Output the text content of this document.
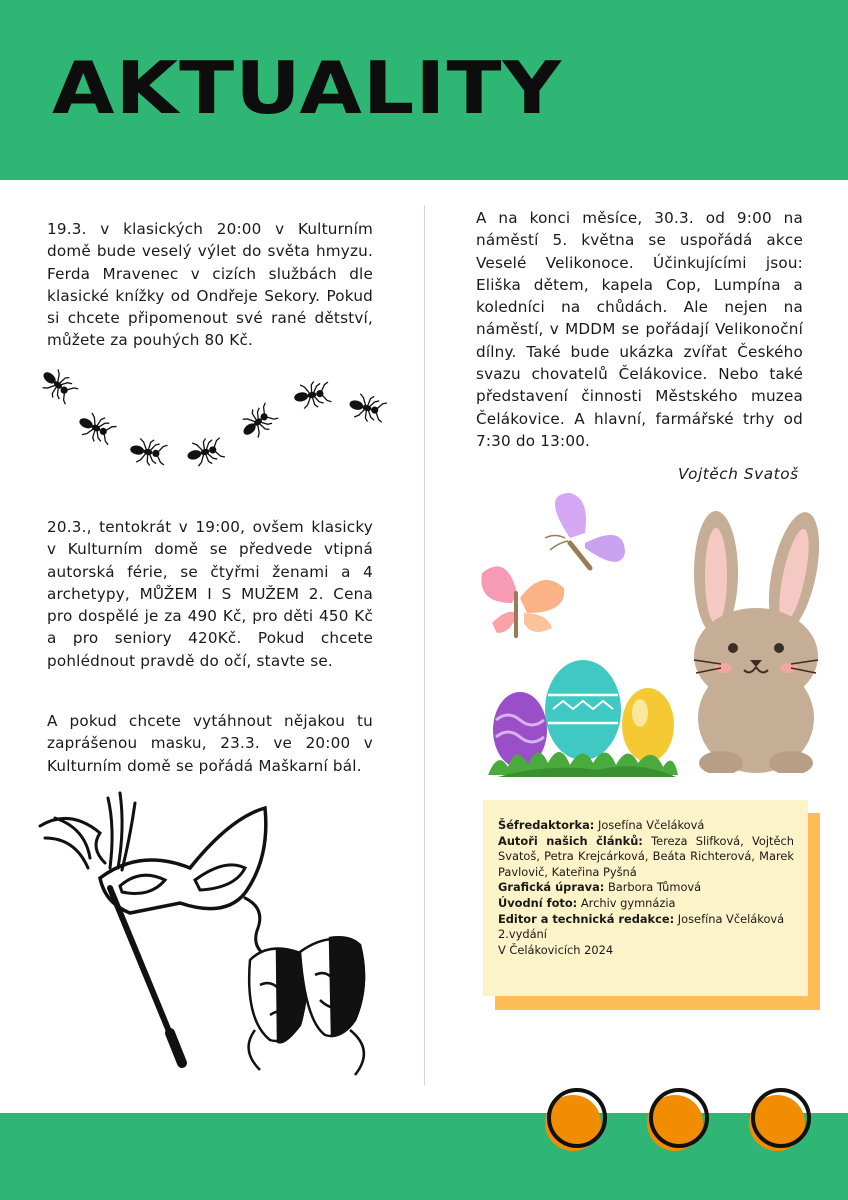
AKTUALITY

19.3. v klasických 20:00 v Kulturním domě bude veselý výlet do světa hmyzu. Ferda Mravenec v cizích službách dle klasické knížky od Ondřeje Sekory. Pokud si chcete připomenout své rané dětství, můžete za pouhých 80 Kč.

20.3., tentokrát v 19:00, ovšem klasicky v Kulturním domě se předvede vtipná autorská férie, se čtyřmi ženami a 4 archetypy, MŮŽEM I S MUŽEM 2. Cena pro dospělé je za 490 Kč, pro děti 450 Kč a pro seniory 420Kč. Pokud chcete pohlédnout pravdě do očí, stavte se.

A pokud chcete vytáhnout nějakou tu zaprášenou masku, 23.3. ve 20:00 v Kulturním domě se pořádá Maškarní bál.

A na konci měsíce, 30.3. od 9:00 na náměstí 5. května se uspořádá akce Veselé Velikonoce. Účinkujícími jsou: Eliška dětem, kapela Cop, Lumpína a koledníci na chůdách. Ale nejen na náměstí, v MDDM se pořádají Velikonoční dílny. Také bude ukázka zvířat Českého svazu chovatelů Čelákovice. Nebo také představení činnosti Městského muzea Čelákovice. A hlavní, farmářské trhy od 7:30 do 13:00.

Vojtěch Svatoš

Šéfredaktorka: Josefína Včeláková

Autoři našich článků: Tereza Slifková, Vojtěch Svatoš, Petra Krejcárková, Beáta Richterová, Marek Pavlovič, Kateřina Pyšná

Grafická úprava: Barbora Tůmová

Úvodní foto: Archiv gymnázia

Editor a technická redakce: Josefína Včeláková

2.vydání

V Čelákovicích 2024
